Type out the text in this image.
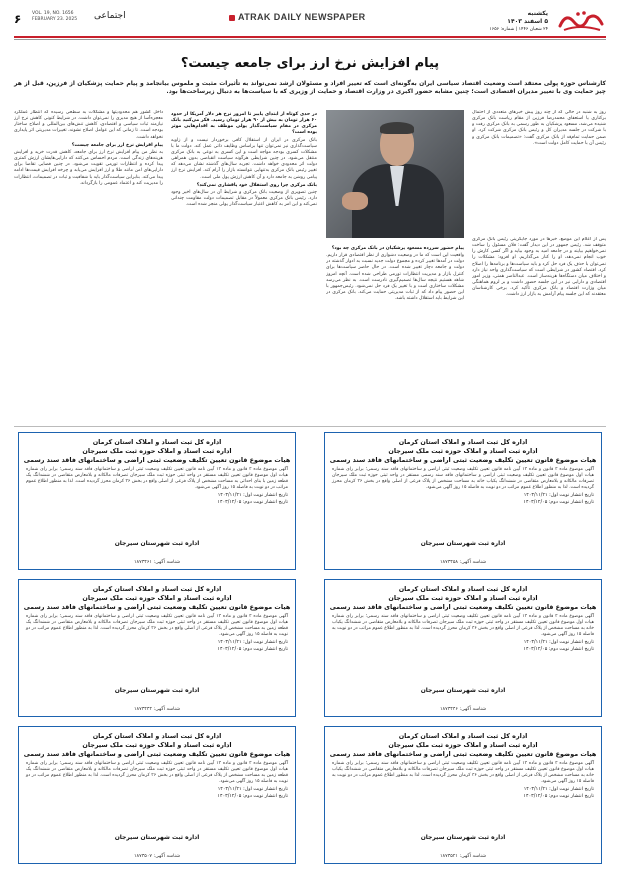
۶	VOL. 19, NO. 1656
FEBRUARY 23. 2025 اجتماعی	ATRAK DAILY NEWSPAPER	یکشنبه
۵ اسفند ۱۴۰۳
۲۴ شعبان ۱۴۴۶ | شماره: ۱۶۵۶
پیام افزایش نرخ ارز برای جامعه چیست؟
کارشناس حوزه پولی معتقد است وضعیت اقتصاد سیاسی ایران به‌گونه‌ای است که تغییر افراد و مسئولان ارشد نمی‌تواند به تأثیرات مثبت و ملموس بیانجامد و پیام حمایت پزشکیان از فرزین، قبل از هر چیز حمایت وی با تغییر مدیران اقتصادی است؛ چنین مشابه حضور اکبری در وزارت اقتصاد و حمایت از وزیری که با سیاست‌ها به دنبال زیرساخت‌ها بود.

روز به شنبه در حالی که از چند روز پیش خبرهای متعددی از احتمال برکناری یا استعفای محمدرضا فرزین از مقام ریاست بانک مرکزی شنیده می‌شد، مسعود پزشکیان به طور رسمی به بانک مرکزی رفت و با شرکت در جلسه مدیران کل و رئیس بانک مرکزی شرکت کرد. او ضمن حمایت تمام‌قد از بانک مرکزی گفت: «تصمیمات بانک مرکزی و رئیس آن با حمایت کامل دولت است».

پس از اعلام این موضع، خبرها در مورد جایگزینی رئیس بانک مرکزی متوقف شد. رئیس جمهور در این دیدار گفت: فلان مسئول را ساخت نمی‌خواهیم بیایند و در جامعه امید به وجود بیاید و اگر کسی کارش را خوب انجام نمی‌دهد، او را کنار می‌گذاریم. او افزود: مشکلات را نمی‌توان با حذف یک فرد حل کرد و باید سیاست‌ها و برنامه‌ها را اصلاح کرد. اقتصاد کشور در شرایطی است که سیاست‌گذاری واحد نیاز دارد و اختلاف میان دستگاه‌ها هزینه‌ساز است. عبدالناصر همتی، وزیر امور اقتصادی و دارایی نیز در این جلسه حضور داشت و بر لزوم هماهنگی میان وزارت اقتصاد و بانک مرکزی تأکید کرد. برخی کارشناسان معتقدند که این جلسه پیام آرامش به بازار ارز داشت.

پیام حضور سرزده مسعود پزشکیان در بانک مرکزی چه بود؟

واقعیت این است که ما در وضعیت دشواری از نظر اقتصادی قرار داریم. دولت در آمدها تغییر کرده و مجموع دولت جدید نسبت به ادوار گذشته در دولت و جامعه دچار تغییر شده است. در حال حاضر سیاست‌ها برای کنترل بازار و مدیریت انتظارات تورمی طراحی شده است. آنچه امروز شاهد هستیم نتیجه سال‌ها تصمیم‌گیری نادرست است. به نظر می‌رسد مشکلات ساختاری است و با تغییر یک فرد حل نمی‌شود. رئیس‌جمهور با این حضور پیام داد که از ثبات مدیریتی حمایت می‌کند. بانک مرکزی در این شرایط باید استقلال داشته باشد.

در حدی کوتاه از ابتدای پاییز تا امروز نرخ هر دلار آمریکا از حدود ۶۰ هزار تومان به بیش از ۹۰ هزار تومان رسید. فکر می‌کنید بانک مرکزی در مقام سیاست‌گذار پولی موظف به اقدام‌هایی موثر بوده است؟

بانک مرکزی در ایران از استقلال کافی برخوردار نیست و از زاویه سیاست‌گذاری نیز نمی‌توان تنها براساس وظایف ذاتی عمل کند. دولت ما با مشکلات کسری بودجه مواجه است و این کسری به نوعی به بانک مرکزی منتقل می‌شود. در چنین شرایطی هرگونه سیاست انقباضی بدون همراهی دولت اثر محدودی خواهد داشت. تجربه سال‌های گذشته نشان می‌دهد که تغییر رئیس بانک مرکزی به‌تنهایی نتوانسته بازار را آرام کند. افزایش نرخ ارز پیامی روشن به جامعه دارد و آن کاهش ارزش پول ملی است.

بانک مرکزی چرا روی استقلال خود پافشاری نمی‌کند؟

چنین تصویری از وضعیت بانک مرکزی و شرایط آن در سال‌های اخیر وجود دارد. رئیس بانک مرکزی معمولاً در مقابل تصمیمات دولت مقاومت چندانی نمی‌کند و این امر به کاهش اعتبار سیاست‌گذار پولی منجر شده است.

داخل کشور هم محدودیتها و مشکلات به سطحی رسیده که انتظار عملکرد معجزه‌آسا از هیچ مدیری را نمی‌توان داشت. در شرایط کنونی کاهش نرخ ارز نیازمند ثبات سیاسی و اقتصادی، کاهش تنش‌های بین‌المللی و اصلاح ساختار بودجه است. تا زمانی که این عوامل اصلاح نشوند، تغییرات مدیریتی اثر پایداری نخواهد داشت.

پیام افزایش نرخ ارز برای جامعه چیست؟

به نظر من پیام افزایش نرخ ارز برای جامعه، کاهش قدرت خرید و افزایش هزینه‌های زندگی است. مردم احساس می‌کنند که دارایی‌هایشان ارزش کمتری پیدا کرده و انتظارات تورمی تقویت می‌شود. در چنین فضایی تقاضا برای دارایی‌های امن مانند طلا و ارز افزایش می‌یابد و چرخه افزایش قیمت‌ها ادامه پیدا می‌کند. بنابراین سیاست‌گذار باید با شفافیت و ثبات در تصمیمات، انتظارات را مدیریت کند و اعتماد عمومی را بازگرداند.

اداره کل ثبت اسناد و املاک استان کرمان
اداره ثبت اسناد و املاک حوزه ثبت ملک سیرجان
هیات موضوع قانون تعیین تکلیف وضعیت ثبتی اراضی و ساختمانهای فاقد سند رسمی
آگهی موضوع ماده ۳ قانون و ماده ۱۳ آیین نامه قانون تعیین تکلیف وضعیت ثبتی اراضی و ساختمانهای فاقد سند رسمی؛ برابر رای شماره هیات اول موضوع قانون تعیین تکلیف وضعیت ثبتی اراضی و ساختمانهای فاقد سند رسمی مستقر در واحد ثبتی حوزه ثبت ملک سیرجان تصرفات مالکانه و بلامعارض متقاضی در ششدانگ یکباب خانه به مساحت مشخص از پلاک فرعی از اصلی واقع در بخش ۳۶ کرمان محرز گردیده است. لذا به منظور اطلاع عموم مراتب در دو نوبت به فاصله ۱۵ روز آگهی می‌شود.
تاریخ انتشار نوبت اول: ۱۴۰۳/۱۱/۲۱
تاریخ انتشار نوبت دوم: ۱۴۰۳/۱۲/۰۵
اداره ثبت شهرستان سیرجان
شناسه آگهی: ۱۸۷۳۴۵۸
اداره کل ثبت اسناد و املاک استان کرمان
اداره ثبت اسناد و املاک حوزه ثبت ملک سیرجان
هیات موضوع قانون تعیین تکلیف وضعیت ثبتی اراضی و ساختمانهای فاقد سند رسمی
آگهی موضوع ماده ۳ قانون و ماده ۱۳ آیین نامه قانون تعیین تکلیف وضعیت ثبتی اراضی و ساختمانهای فاقد سند رسمی؛ برابر رای شماره هیات اول موضوع قانون تعیین تکلیف مستقر در واحد ثبتی حوزه ثبت ملک سیرجان تصرفات مالکانه و بلامعارض متقاضی در ششدانگ یک قطعه زمین با بنای احداثی به مساحت مشخص از پلاک فرعی از اصلی واقع در بخش ۳۶ کرمان محرز گردیده است. لذا به منظور اطلاع عموم مراتب در دو نوبت به فاصله ۱۵ روز آگهی می‌شود.
تاریخ انتشار نوبت اول: ۱۴۰۳/۱۱/۲۱
تاریخ انتشار نوبت دوم: ۱۴۰۳/۱۲/۰۵
اداره ثبت شهرستان سیرجان
شناسه آگهی: ۱۸۷۳۴۶۱
اداره کل ثبت اسناد و املاک استان کرمان
اداره ثبت اسناد و املاک حوزه ثبت ملک سیرجان
هیات موضوع قانون تعیین تکلیف وضعیت ثبتی اراضی و ساختمانهای فاقد سند رسمی
آگهی موضوع ماده ۳ قانون و ماده ۱۳ آیین نامه قانون تعیین تکلیف وضعیت ثبتی اراضی و ساختمانهای فاقد سند رسمی؛ برابر رای شماره هیات اول موضوع قانون تعیین تکلیف مستقر در واحد ثبتی حوزه ثبت ملک سیرجان تصرفات مالکانه و بلامعارض متقاضی در ششدانگ یکباب خانه به مساحت مشخص از پلاک فرعی از اصلی واقع در بخش ۳۶ کرمان محرز گردیده است. لذا به منظور اطلاع عموم مراتب در دو نوبت به فاصله ۱۵ روز آگهی می‌شود.
تاریخ انتشار نوبت اول: ۱۴۰۳/۱۱/۲۱
تاریخ انتشار نوبت دوم: ۱۴۰۳/۱۲/۰۵
اداره ثبت شهرستان سیرجان
شناسه آگهی: ۱۸۷۳۴۴۶
اداره کل ثبت اسناد و املاک استان کرمان
اداره ثبت اسناد و املاک حوزه ثبت ملک سیرجان
هیات موضوع قانون تعیین تکلیف وضعیت ثبتی اراضی و ساختمانهای فاقد سند رسمی
آگهی موضوع ماده ۳ قانون و ماده ۱۳ آیین نامه قانون تعیین تکلیف وضعیت ثبتی اراضی و ساختمانهای فاقد سند رسمی؛ برابر رای شماره هیات اول موضوع قانون تعیین تکلیف مستقر در واحد ثبتی حوزه ثبت ملک سیرجان تصرفات مالکانه و بلامعارض متقاضی در ششدانگ یک قطعه زمین به مساحت مشخص از پلاک فرعی از اصلی واقع در بخش ۳۶ کرمان محرز گردیده است. لذا به منظور اطلاع عموم مراتب در دو نوبت به فاصله ۱۵ روز آگهی می‌شود.
تاریخ انتشار نوبت اول: ۱۴۰۳/۱۱/۲۱
تاریخ انتشار نوبت دوم: ۱۴۰۳/۱۲/۰۵
اداره ثبت شهرستان سیرجان
شناسه آگهی: ۱۸۷۳۴۴۴
اداره کل ثبت اسناد و املاک استان کرمان
اداره ثبت اسناد و املاک حوزه ثبت ملک سیرجان
هیات موضوع قانون تعیین تکلیف وضعیت ثبتی اراضی و ساختمانهای فاقد سند رسمی
آگهی موضوع ماده ۳ قانون و ماده ۱۳ آیین نامه قانون تعیین تکلیف وضعیت ثبتی اراضی و ساختمانهای فاقد سند رسمی؛ برابر رای شماره هیات اول موضوع قانون تعیین تکلیف مستقر در واحد ثبتی حوزه ثبت ملک سیرجان تصرفات مالکانه و بلامعارض متقاضی در ششدانگ یکباب خانه به مساحت مشخص از پلاک فرعی از اصلی واقع در بخش ۳۶ کرمان محرز گردیده است. لذا به منظور اطلاع عموم مراتب در دو نوبت به فاصله ۱۵ روز آگهی می‌شود.
تاریخ انتشار نوبت اول: ۱۴۰۳/۱۱/۲۱
تاریخ انتشار نوبت دوم: ۱۴۰۳/۱۲/۰۵
اداره ثبت شهرستان سیرجان
شناسه آگهی: ۱۸۷۳۵۲۱
اداره کل ثبت اسناد و املاک استان کرمان
اداره ثبت اسناد و املاک حوزه ثبت ملک سیرجان
هیات موضوع قانون تعیین تکلیف وضعیت ثبتی اراضی و ساختمانهای فاقد سند رسمی
آگهی موضوع ماده ۳ قانون و ماده ۱۳ آیین نامه قانون تعیین تکلیف وضعیت ثبتی اراضی و ساختمانهای فاقد سند رسمی؛ برابر رای شماره هیات اول موضوع قانون تعیین تکلیف مستقر در واحد ثبتی حوزه ثبت ملک سیرجان تصرفات مالکانه و بلامعارض متقاضی در ششدانگ یک قطعه زمین به مساحت مشخص از پلاک فرعی از اصلی واقع در بخش ۳۶ کرمان محرز گردیده است. لذا به منظور اطلاع عموم مراتب در دو نوبت به فاصله ۱۵ روز آگهی می‌شود.
تاریخ انتشار نوبت اول: ۱۴۰۳/۱۱/۲۱
تاریخ انتشار نوبت دوم: ۱۴۰۳/۱۲/۰۵
اداره ثبت شهرستان سیرجان
شناسه آگهی: ۱۸۷۳۵۰۷
